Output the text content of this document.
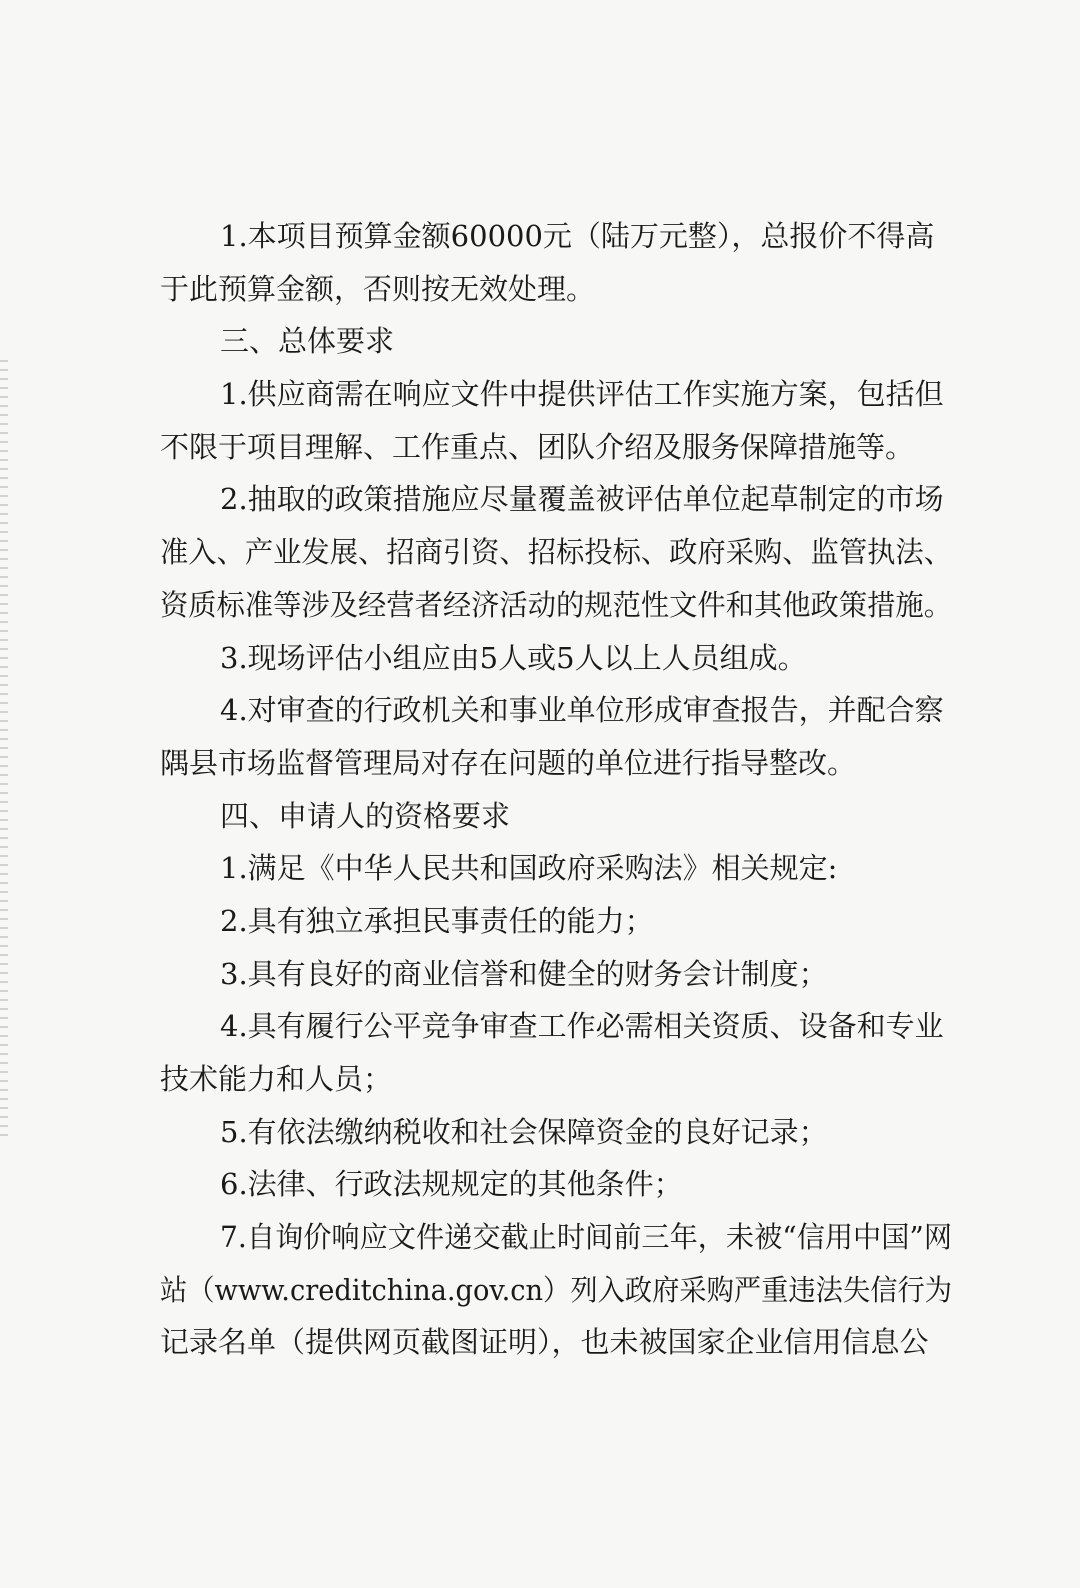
1.本项目预算金额60000元（陆万元整），总报价不得高
于此预算金额，否则按无效处理。
三、总体要求
1.供应商需在响应文件中提供评估工作实施方案，包括但
不限于项目理解、工作重点、团队介绍及服务保障措施等。
2.抽取的政策措施应尽量覆盖被评估单位起草制定的市场
准入、产业发展、招商引资、招标投标、政府采购、监管执法、
资质标准等涉及经营者经济活动的规范性文件和其他政策措施。
3.现场评估小组应由5人或5人以上人员组成。
4.对审查的行政机关和事业单位形成审查报告，并配合察
隅县市场监督管理局对存在问题的单位进行指导整改。
四、申请人的资格要求
1.满足《中华人民共和国政府采购法》相关规定:
2.具有独立承担民事责任的能力；
3.具有良好的商业信誉和健全的财务会计制度；
4.具有履行公平竞争审查工作必需相关资质、设备和专业
技术能力和人员；
5.有依法缴纳税收和社会保障资金的良好记录；
6.法律、行政法规规定的其他条件；
7.自询价响应文件递交截止时间前三年，未被“信用中国”网
站（www.creditchina.gov.cn）列入政府采购严重违法失信行为
记录名单（提供网页截图证明），也未被国家企业信用信息公
